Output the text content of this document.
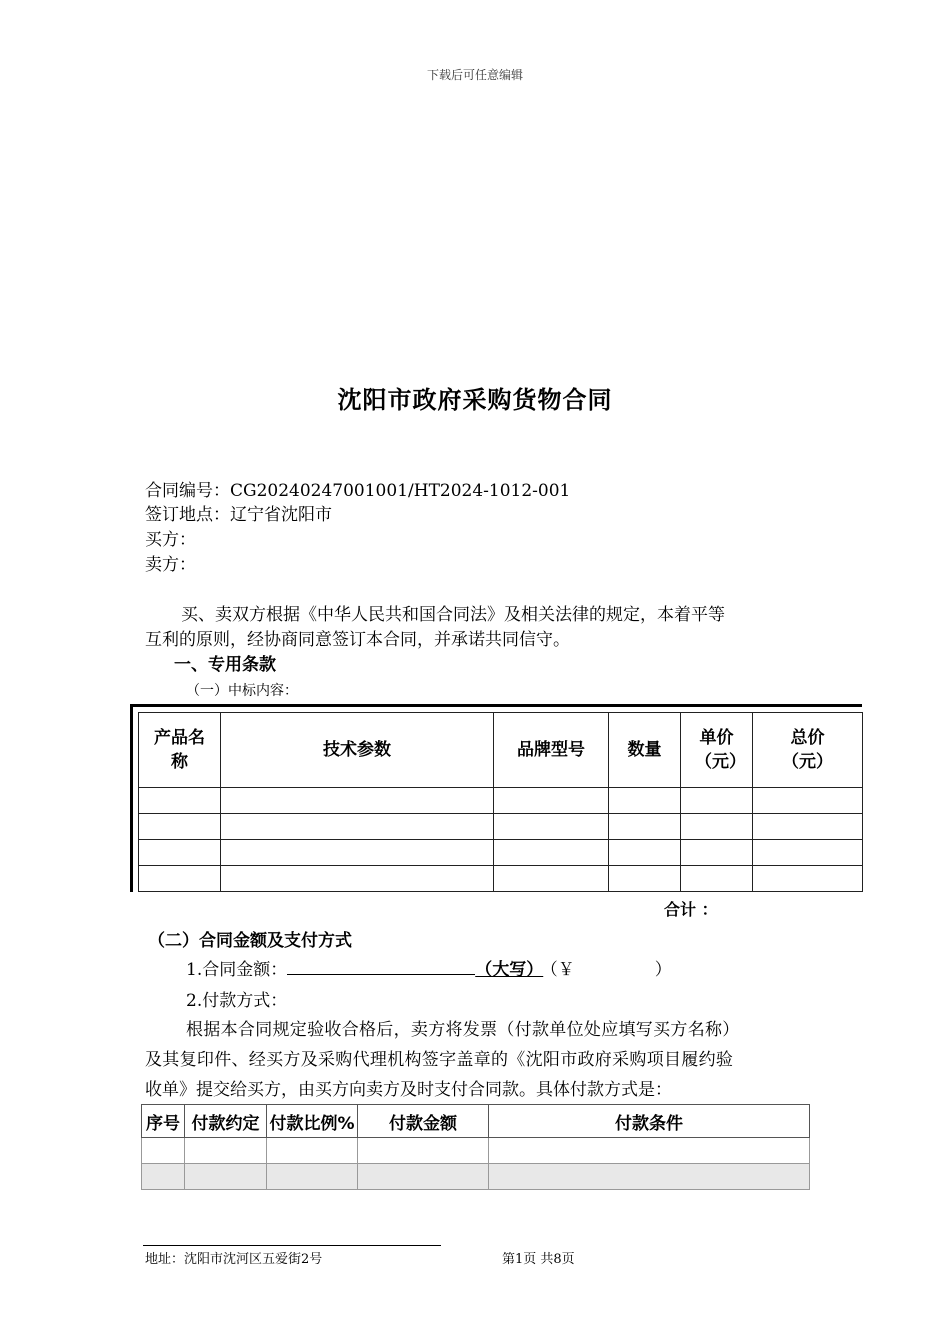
下载后可任意编辑
沈阳市政府采购货物合同
合同编号：CG20240247001001/HT2024-1012-001
签订地点：辽宁省沈阳市
买方：
卖方：
买、卖双方根据《中华人民共和国合同法》及相关法律的规定，本着平等
互利的原则，经协商同意签订本合同，并承诺共同信守。
一、专用条款
（一）中标内容：
产品名称	技术参数	品牌型号	数量	单价（元）	总价（元）

合计 ：
（二）合同金额及支付方式
1.合同金额：	（大写） （￥	）
2.付款方式：
根据本合同规定验收合格后，卖方将发票（付款单位处应填写买方名称）
及其复印件、经买方及采购代理机构签字盖章的《沈阳市政府采购项目履约验
收单》提交给买方，由买方向卖方及时支付合同款。具体付款方式是：
序号	付款约定	付款比例%	付款金额	付款条件

地址：沈阳市沈河区五爱街2号	第1页 共8页
